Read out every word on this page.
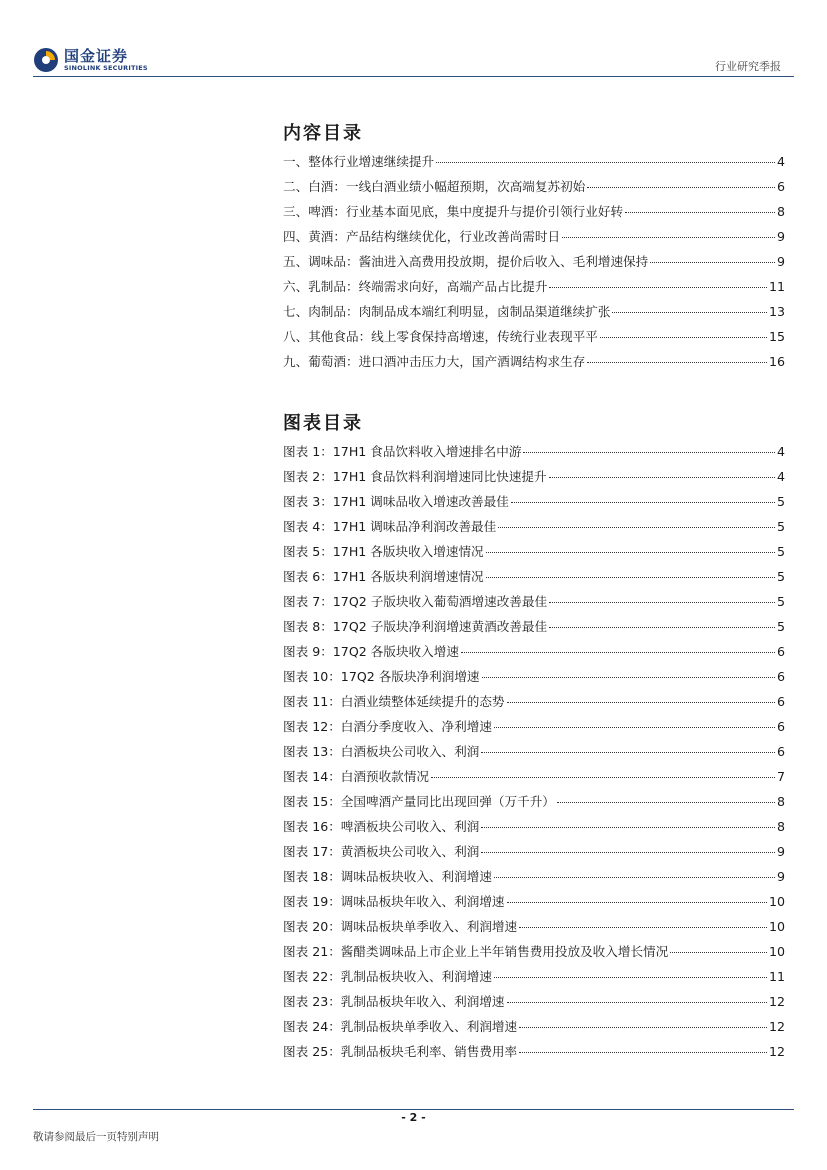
国金证券
SINOLINK SECURITIES	行业研究季报
内容目录
一、整体行业增速继续提升	4
二、白酒：一线白酒业绩小幅超预期，次高端复苏初始	6
三、啤酒：行业基本面见底，集中度提升与提价引领行业好转	8
四、黄酒：产品结构继续优化，行业改善尚需时日	9
五、调味品：酱油进入高费用投放期，提价后收入、毛利增速保持	9
六、乳制品：终端需求向好，高端产品占比提升	11
七、肉制品：肉制品成本端红利明显，卤制品渠道继续扩张	13
八、其他食品：线上零食保持高增速，传统行业表现平平	15
九、葡萄酒：进口酒冲击压力大，国产酒调结构求生存	16
图表目录
图表 1：17H1 食品饮料收入增速排名中游	4
图表 2：17H1 食品饮料利润增速同比快速提升	4
图表 3：17H1 调味品收入增速改善最佳	5
图表 4：17H1 调味品净利润改善最佳	5
图表 5：17H1 各版块收入增速情况	5
图表 6：17H1 各版块利润增速情况	5
图表 7：17Q2 子版块收入葡萄酒增速改善最佳	5
图表 8：17Q2 子版块净利润增速黄酒改善最佳	5
图表 9：17Q2 各版块收入增速	6
图表 10：17Q2 各版块净利润增速	6
图表 11：白酒业绩整体延续提升的态势	6
图表 12：白酒分季度收入、净利增速	6
图表 13：白酒板块公司收入、利润	6
图表 14：白酒预收款情况	7
图表 15：全国啤酒产量同比出现回弹（万千升）	8
图表 16：啤酒板块公司收入、利润	8
图表 17：黄酒板块公司收入、利润	9
图表 18：调味品板块收入、利润增速	9
图表 19：调味品板块年收入、利润增速	10
图表 20：调味品板块单季收入、利润增速	10
图表 21：酱醋类调味品上市企业上半年销售费用投放及收入增长情况	10
图表 22：乳制品板块收入、利润增速	11
图表 23：乳制品板块年收入、利润增速	12
图表 24：乳制品板块单季收入、利润增速	12
图表 25：乳制品板块毛利率、销售费用率	12
- 2 -
敬请参阅最后一页特别声明
